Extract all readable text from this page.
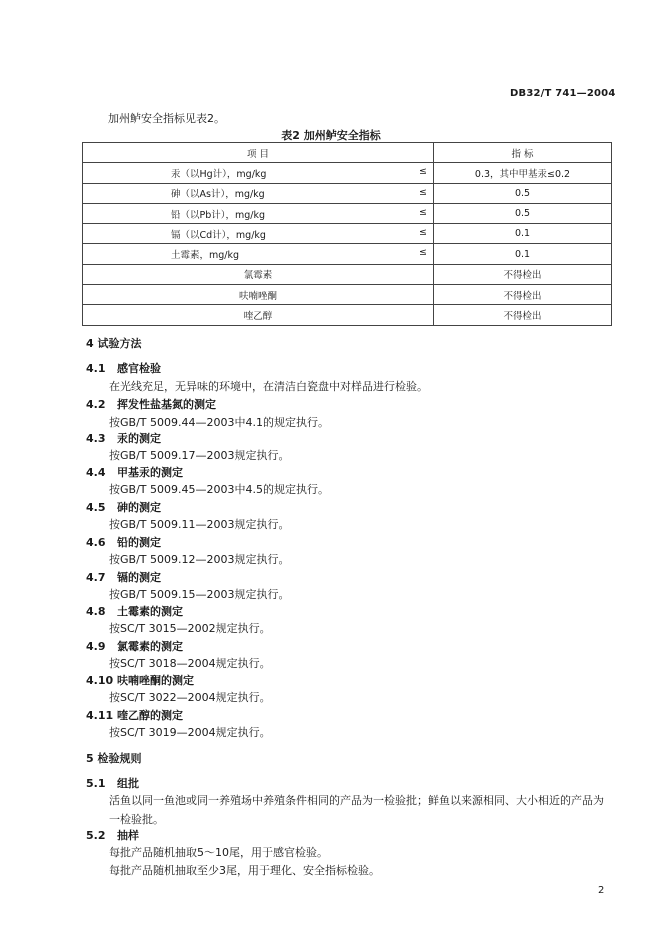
DB32/T 741—2004
加州鲈安全指标见表2。
表2 加州鲈安全指标
项 目	指 标
汞（以Hg计），mg/kg ≤	0.3，其中甲基汞≤0.2
砷（以As计），mg/kg ≤	0.5
铅（以Pb计），mg/kg ≤	0.5
镉（以Cd计），mg/kg ≤	0.1
土霉素，mg/kg ≤	0.1
氯霉素	不得检出
呋喃唑酮	不得检出
喹乙醇	不得检出
4 试验方法
4.1 感官检验
在光线充足，无异味的环境中，在清洁白瓷盘中对样品进行检验。
4.2 挥发性盐基氮的测定
按GB/T 5009.44—2003中4.1的规定执行。
4.3 汞的测定
按GB/T 5009.17—2003规定执行。
4.4 甲基汞的测定
按GB/T 5009.45—2003中4.5的规定执行。
4.5 砷的测定
按GB/T 5009.11—2003规定执行。
4.6 铅的测定
按GB/T 5009.12—2003规定执行。
4.7 镉的测定
按GB/T 5009.15—2003规定执行。
4.8 土霉素的测定
按SC/T 3015—2002规定执行。
4.9 氯霉素的测定
按SC/T 3018—2004规定执行。
4.10 呋喃唑酮的测定
按SC/T 3022—2004规定执行。
4.11 喹乙醇的测定
按SC/T 3019—2004规定执行。
5 检验规则
5.1 组批
活鱼以同一鱼池或同一养殖场中养殖条件相同的产品为一检验批；鲜鱼以来源相同、大小相近的产品为一检验批。
5.2 抽样
每批产品随机抽取5～10尾，用于感官检验。
每批产品随机抽取至少3尾，用于理化、安全指标检验。
2
